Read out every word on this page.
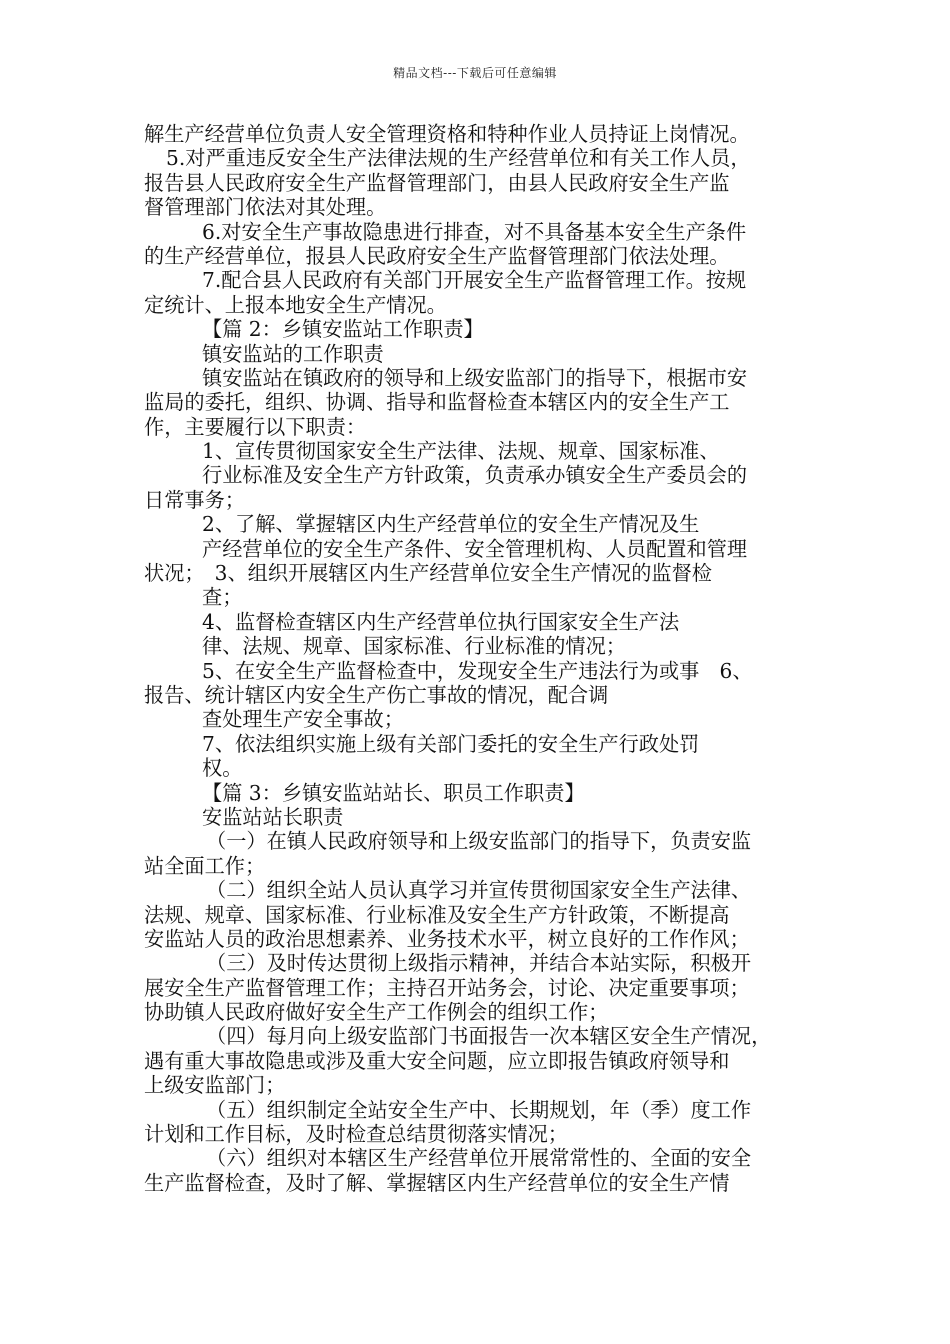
精品文档---下载后可任意编辑
解生产经营单位负责人安全管理资格和特种作业人员持证上岗情况。
5.对严重违反安全生产法律法规的生产经营单位和有关工作人员，
报告县人民政府安全生产监督管理部门，由县人民政府安全生产监
督管理部门依法对其处理。
6.对安全生产事故隐患进行排查，对不具备基本安全生产条件
的生产经营单位，报县人民政府安全生产监督管理部门依法处理。
7.配合县人民政府有关部门开展安全生产监督管理工作。按规
定统计、上报本地安全生产情况。
【篇 2：乡镇安监站工作职责】
镇安监站的工作职责
镇安监站在镇政府的领导和上级安监部门的指导下，根据市安
监局的委托，组织、协调、指导和监督检查本辖区内的安全生产工
作，主要履行以下职责：
1、宣传贯彻国家安全生产法律、法规、规章、国家标准、
行业标准及安全生产方针政策，负责承办镇安全生产委员会的
日常事务；
2、了解、掌握辖区内生产经营单位的安全生产情况及生
产经营单位的安全生产条件、安全管理机构、人员配置和管理
状况；　3、组织开展辖区内生产经营单位安全生产情况的监督检
查；
4、监督检查辖区内生产经营单位执行国家安全生产法
律、法规、规章、国家标准、行业标准的情况；
5、在安全生产监督检查中，发现安全生产违法行为或事　6、
报告、统计辖区内安全生产伤亡事故的情况，配合调
查处理生产安全事故；
7、依法组织实施上级有关部门委托的安全生产行政处罚
权。
【篇 3：乡镇安监站站长、职员工作职责】
安监站站长职责
（一）在镇人民政府领导和上级安监部门的指导下，负责安监
站全面工作；
（二）组织全站人员认真学习并宣传贯彻国家安全生产法律、
法规、规章、国家标准、行业标准及安全生产方针政策，不断提高
安监站人员的政治思想素养、业务技术水平，树立良好的工作作风；
（三）及时传达贯彻上级指示精神，并结合本站实际，积极开
展安全生产监督管理工作；主持召开站务会，讨论、决定重要事项；
协助镇人民政府做好安全生产工作例会的组织工作；
（四）每月向上级安监部门书面报告一次本辖区安全生产情况，
遇有重大事故隐患或涉及重大安全问题，应立即报告镇政府领导和
上级安监部门；
（五）组织制定全站安全生产中、长期规划，年（季）度工作
计划和工作目标，及时检查总结贯彻落实情况；
（六）组织对本辖区生产经营单位开展常常性的、全面的安全
生产监督检查，及时了解、掌握辖区内生产经营单位的安全生产情
